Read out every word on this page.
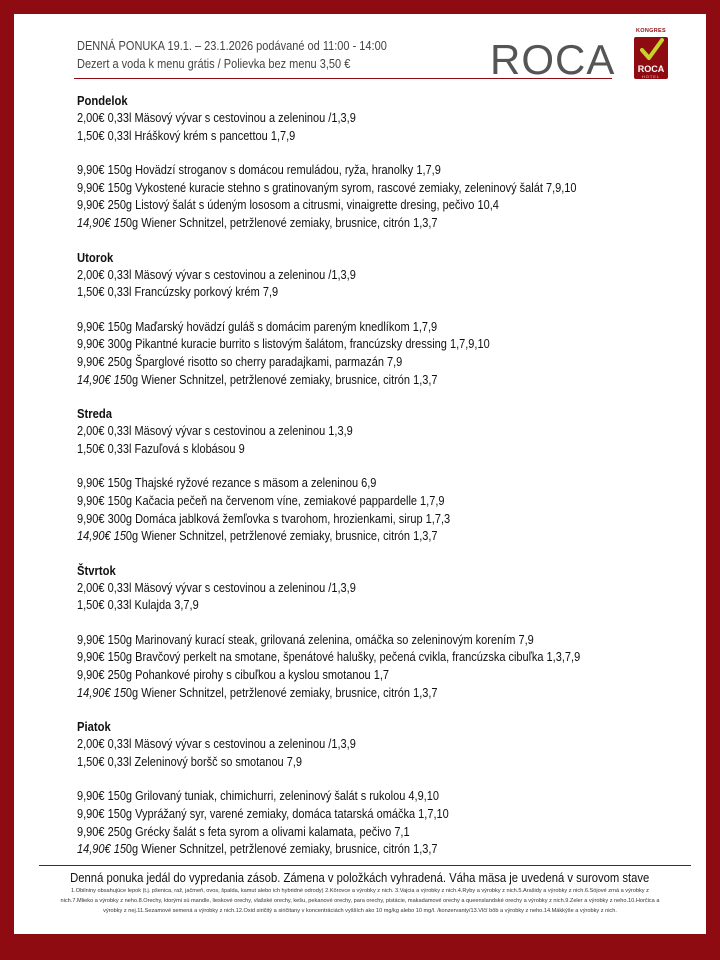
DENNÁ PONUKA 19.1. – 23.1.2026 podávané od 11:00 - 14:00
Dezert a voda k menu grátis / Polievka bez menu 3,50 €	ROCA
KONGRES
ROCA
HOTEL
Pondelok
2,00€ 0,33l Mäsový vývar s cestovinou a zeleninou /1,3,9
1,50€ 0,33l Hráškový krém s pancettou 1,7,9
9,90€ 150g Hovädzí stroganov s domácou remuládou, ryža, hranolky 1,7,9
9,90€ 150g Vykostené kuracie stehno s gratinovaným syrom, rascové zemiaky, zeleninový šalát 7,9,10
9,90€ 250g Listový šalát s údeným lososom a citrusmi, vinaigrette dresing, pečivo 10,4
14,90€ 150g Wiener Schnitzel, petržlenové zemiaky, brusnice, citrón 1,3,7
Utorok
2,00€ 0,33l Mäsový vývar s cestovinou a zeleninou /1,3,9
1,50€ 0,33l Francúzsky porkový krém 7,9
9,90€ 150g Maďarský hovädzí guláš s domácim pareným knedlíkom 1,7,9
9,90€ 300g Pikantné kuracie burrito s listovým šalátom, francúzsky dressing 1,7,9,10
9,90€ 250g Šparglové risotto so cherry paradajkami, parmazán 7,9
14,90€ 150g Wiener Schnitzel, petržlenové zemiaky, brusnice, citrón 1,3,7
Streda
2,00€ 0,33l Mäsový vývar s cestovinou a zeleninou 1,3,9
1,50€ 0,33l Fazuľová s klobásou 9
9,90€ 150g Thajské ryžové rezance s mäsom a zeleninou 6,9
9,90€ 150g Kačacia pečeň na červenom víne, zemiakové pappardelle 1,7,9
9,90€ 300g Domáca jablková žemľovka s tvarohom, hrozienkami, sirup 1,7,3
14,90€ 150g Wiener Schnitzel, petržlenové zemiaky, brusnice, citrón 1,3,7
Štvrtok
2,00€ 0,33l Mäsový vývar s cestovinou a zeleninou /1,3,9
1,50€ 0,33l Kulajda 3,7,9
9,90€ 150g Marinovaný kurací steak, grilovaná zelenina, omáčka so zeleninovým korením 7,9
9,90€ 150g Bravčový perkelt na smotane, špenátové halušky, pečená cvikla, francúzska cibuľka 1,3,7,9
9,90€ 250g Pohankové pirohy s cibuľkou a kyslou smotanou 1,7
14,90€ 150g Wiener Schnitzel, petržlenové zemiaky, brusnice, citrón 1,3,7
Piatok
2,00€ 0,33l Mäsový vývar s cestovinou a zeleninou /1,3,9
1,50€ 0,33l Zeleninový boršč so smotanou 7,9
9,90€ 150g Grilovaný tuniak, chimichurri, zeleninový šalát s rukolou 4,9,10
9,90€ 150g Vyprážaný syr, varené zemiaky, domáca tatarská omáčka 1,7,10
9,90€ 250g Grécky šalát s feta syrom a olivami kalamata, pečivo 7,1
14,90€ 150g Wiener Schnitzel, petržlenové zemiaky, brusnice, citrón 1,3,7
Denná ponuka jedál do vypredania zásob. Zámena v položkách vyhradená. Váha mäsa je uvedená v surovom stave
1.Obilniny obsahujúce lepok (t.j. pšenica, raž, jačmeň, ovos, špalda, kamut alebo ich hybridné odrody) 2.Kôrovce a výrobky z nich. 3.Vajcia a výrobky z nich.4.Ryby a výrobky z nich.5.Arašidy a výrobky z nich.6.Sójové zrná a výrobky z nich.7.Mlieko a výrobky z neho.8.Orechy, ktorými sú mandle, lieskové orechy, vlašské orechy, kešu, pekanové orechy, para orechy, pistácie, makadamové orechy a queenslandské orechy a výrobky z nich.9.Zeler a výrobky z neho.10.Horčica a výrobky z nej.11.Sezamové semená a výrobky z nich.12.Oxid siričitý a siričitany v koncentráciách vyšších ako 10 mg/kg alebo 10 mg/l. /konzervanty/13.Vlčí bôb a výrobky z neho.14.Mäkkýše a výrobky z nich.
